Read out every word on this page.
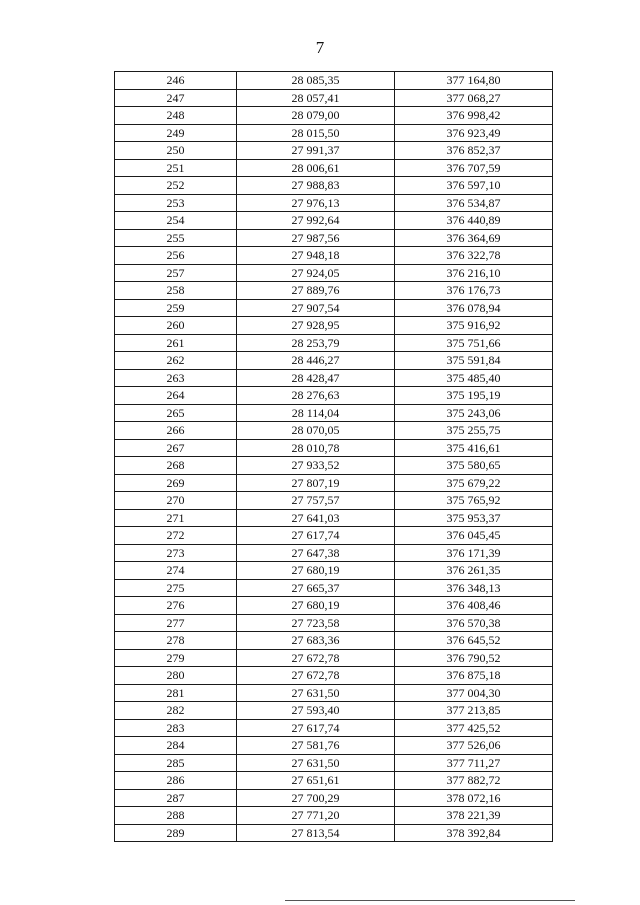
7
246	28 085,35	377 164,80
247	28 057,41	377 068,27
248	28 079,00	376 998,42
249	28 015,50	376 923,49
250	27 991,37	376 852,37
251	28 006,61	376 707,59
252	27 988,83	376 597,10
253	27 976,13	376 534,87
254	27 992,64	376 440,89
255	27 987,56	376 364,69
256	27 948,18	376 322,78
257	27 924,05	376 216,10
258	27 889,76	376 176,73
259	27 907,54	376 078,94
260	27 928,95	375 916,92
261	28 253,79	375 751,66
262	28 446,27	375 591,84
263	28 428,47	375 485,40
264	28 276,63	375 195,19
265	28 114,04	375 243,06
266	28 070,05	375 255,75
267	28 010,78	375 416,61
268	27 933,52	375 580,65
269	27 807,19	375 679,22
270	27 757,57	375 765,92
271	27 641,03	375 953,37
272	27 617,74	376 045,45
273	27 647,38	376 171,39
274	27 680,19	376 261,35
275	27 665,37	376 348,13
276	27 680,19	376 408,46
277	27 723,58	376 570,38
278	27 683,36	376 645,52
279	27 672,78	376 790,52
280	27 672,78	376 875,18
281	27 631,50	377 004,30
282	27 593,40	377 213,85
283	27 617,74	377 425,52
284	27 581,76	377 526,06
285	27 631,50	377 711,27
286	27 651,61	377 882,72
287	27 700,29	378 072,16
288	27 771,20	378 221,39
289	27 813,54	378 392,84
